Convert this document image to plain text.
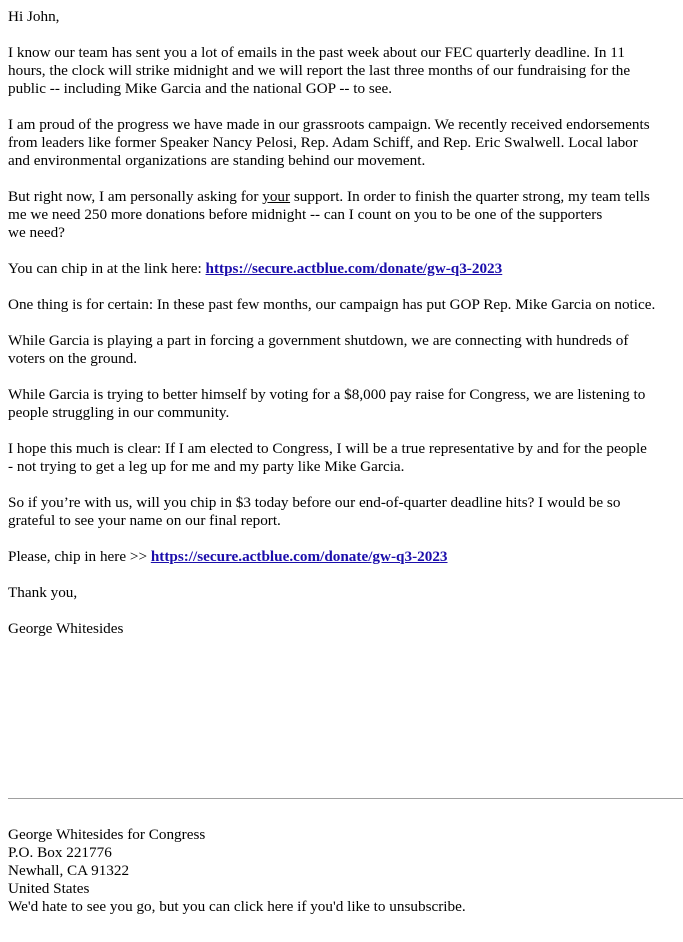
Hi John,

I know our team has sent you a lot of emails in the past week about our FEC quarterly deadline. In 11
hours, the clock will strike midnight and we will report the last three months of our fundraising for the
public -- including Mike Garcia and the national GOP -- to see.

I am proud of the progress we have made in our grassroots campaign. We recently received endorsements
from leaders like former Speaker Nancy Pelosi, Rep. Adam Schiff, and Rep. Eric Swalwell. Local labor
and environmental organizations are standing behind our movement.

But right now, I am personally asking for your support. In order to finish the quarter strong, my team tells
me we need 250 more donations before midnight -- can I count on you to be one of the supporters
we need?

You can chip in at the link here: https://secure.actblue.com/donate/gw-q3-2023

One thing is for certain: In these past few months, our campaign has put GOP Rep. Mike Garcia on notice.

While Garcia is playing a part in forcing a government shutdown, we are connecting with hundreds of
voters on the ground.

While Garcia is trying to better himself by voting for a $8,000 pay raise for Congress, we are listening to
people struggling in our community.

I hope this much is clear: If I am elected to Congress, I will be a true representative by and for the people
- not trying to get a leg up for me and my party like Mike Garcia.

So if you’re with us, will you chip in $3 today before our end-of-quarter deadline hits? I would be so
grateful to see your name on our final report.

Please, chip in here >> https://secure.actblue.com/donate/gw-q3-2023

Thank you,

George Whitesides

George Whitesides for Congress
P.O. Box 221776
Newhall, CA 91322
United States
We'd hate to see you go, but you can click here if you'd like to unsubscribe.
